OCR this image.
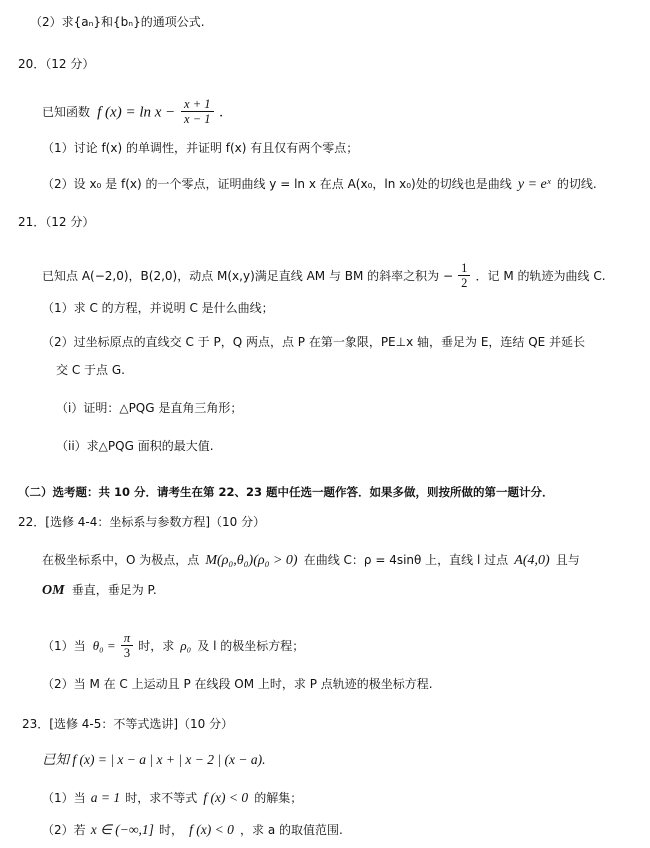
（2）求{aₙ}和{bₙ}的通项公式.
20．（12 分）
已知函数 f $(x) = \ln x - \frac{x + 1}{x - 1}$ .
（1）讨论 f(x) 的单调性，并证明 f(x) 有且仅有两个零点；
（2）设 x₀ 是 f(x) 的一个零点，证明曲线 y = ln x 在点 A(x₀，ln x₀)处的切线也是曲线 y = eˣ 的切线.
21．（12 分）
已知点 A(−2,0)，B(2,0)，动点 M(x,y)满足直线 AM 与 BM 的斜率之积为 − $\frac{1}{2}$ ．记 M 的轨迹为曲线 C.
（1）求 C 的方程，并说明 C 是什么曲线；
（2）过坐标原点的直线交 C 于 P，Q 两点，点 P 在第一象限，PE⊥x 轴，垂足为 E，连结 QE 并延长
交 C 于点 G.
（i）证明：△PQG 是直角三角形；
（ii）求△PQG 面积的最大值.
（二）选考题：共 10 分．请考生在第 22、23 题中任选一题作答．如果多做，则按所做的第一题计分．
22．[选修 4-4：坐标系与参数方程]（10 分）
在极坐标系中，O 为极点，点 M(ρ₀,θ₀)(ρ₀ > 0) 在曲线 C：ρ = 4sinθ 上，直线 l 过点 A(4,0) 且与
OM 垂直，垂足为 P.
（1）当 $\theta_0 = \frac{\pi}{3}$ 时，求 ρ₀ 及 l 的极坐标方程；
（2）当 M 在 C 上运动且 P 在线段 OM 上时，求 P 点轨迹的极坐标方程.
23．[选修 4-5：不等式选讲]（10 分）
已知 f (x) = | x − a | x + | x − 2 | (x − a).
（1）当 a = 1 时，求不等式 f (x) < 0 的解集；
（2）若 x ∈ (−∞,1] 时， f (x) < 0 ，求 a 的取值范围.
